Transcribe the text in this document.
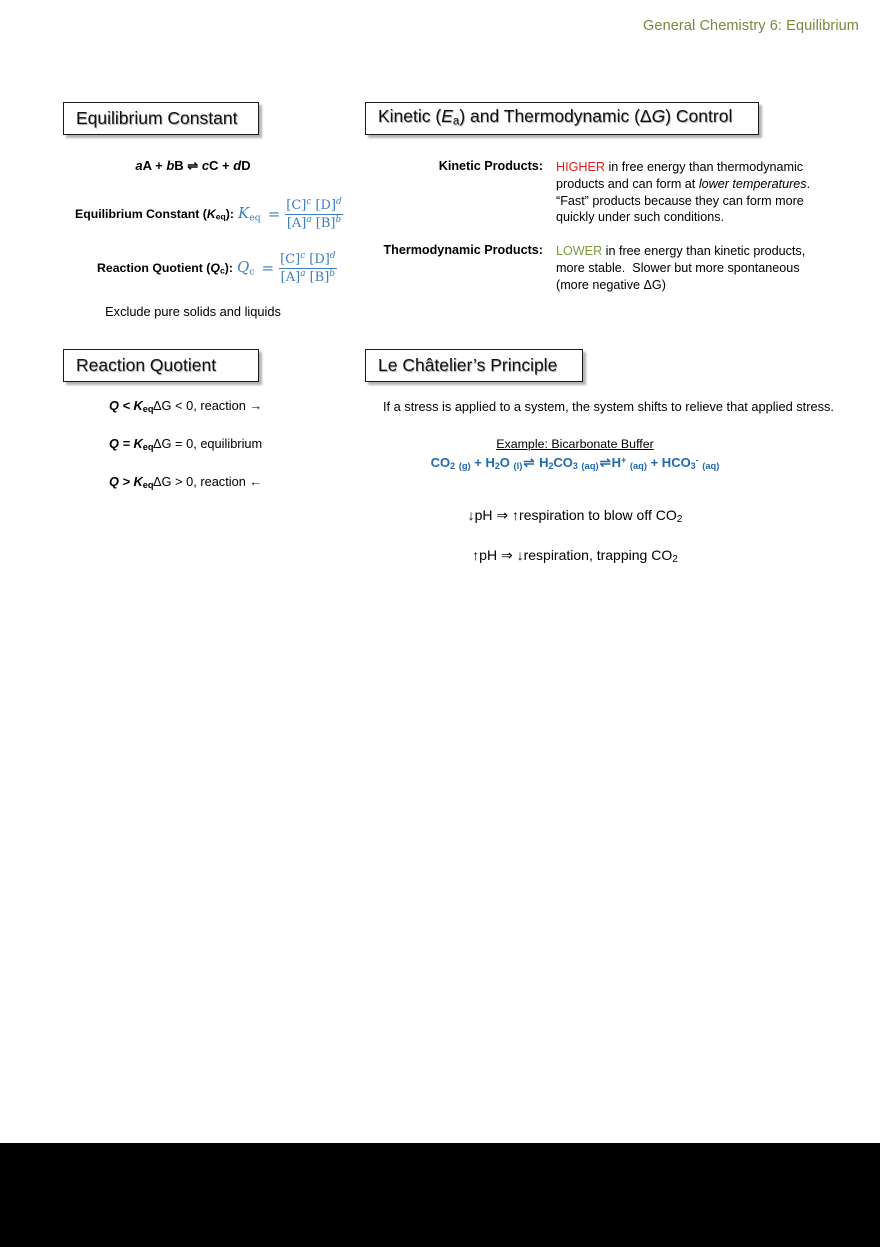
General Chemistry 6: Equilibrium
Equilibrium Constant	Kinetic $(E_a)$ and Thermodynamic (ΔG) Control
Reaction Quotient	Le Châtelier’s Principle
aA + bB ⇌ cC + dD
Equilibrium Constant $(K_{eq})$: $K_{eq} = \frac{[C]^c [D]^d}{[A]^a [B]^b}$
Reaction Quotient $(Q_c)$: $Q_c = \frac{[C]^c [D]^d}{[A]^a [B]^b}$
Exclude pure solids and liquids
Kinetic Products:	HIGHER in free energy than thermodynamic products and can form at lower temperatures. “Fast” products because they can form more quickly under such conditions.
Thermodynamic Products:	LOWER in free energy than kinetic products, more stable.  Slower but more spontaneous (more negative ΔG)
$Q < K_{eq}$ ΔG < 0, reaction →
$Q = K_{eq}$ ΔG = 0, equilibrium
$Q > K_{eq}$ ΔG > 0, reaction ←
If a stress is applied to a system, the system shifts to relieve that applied stress.
Example: Bicarbonate Buffer
$CO_2$ $(g) + H_2O$ (l)⇌ $H_2CO_3$ (aq)⇌H+ $(aq) + HCO_3^-$ (aq)
↓pH ⇒ ↑respiration to blow off $CO_2$
↑pH ⇒ ↓respiration, trapping $CO_2$
